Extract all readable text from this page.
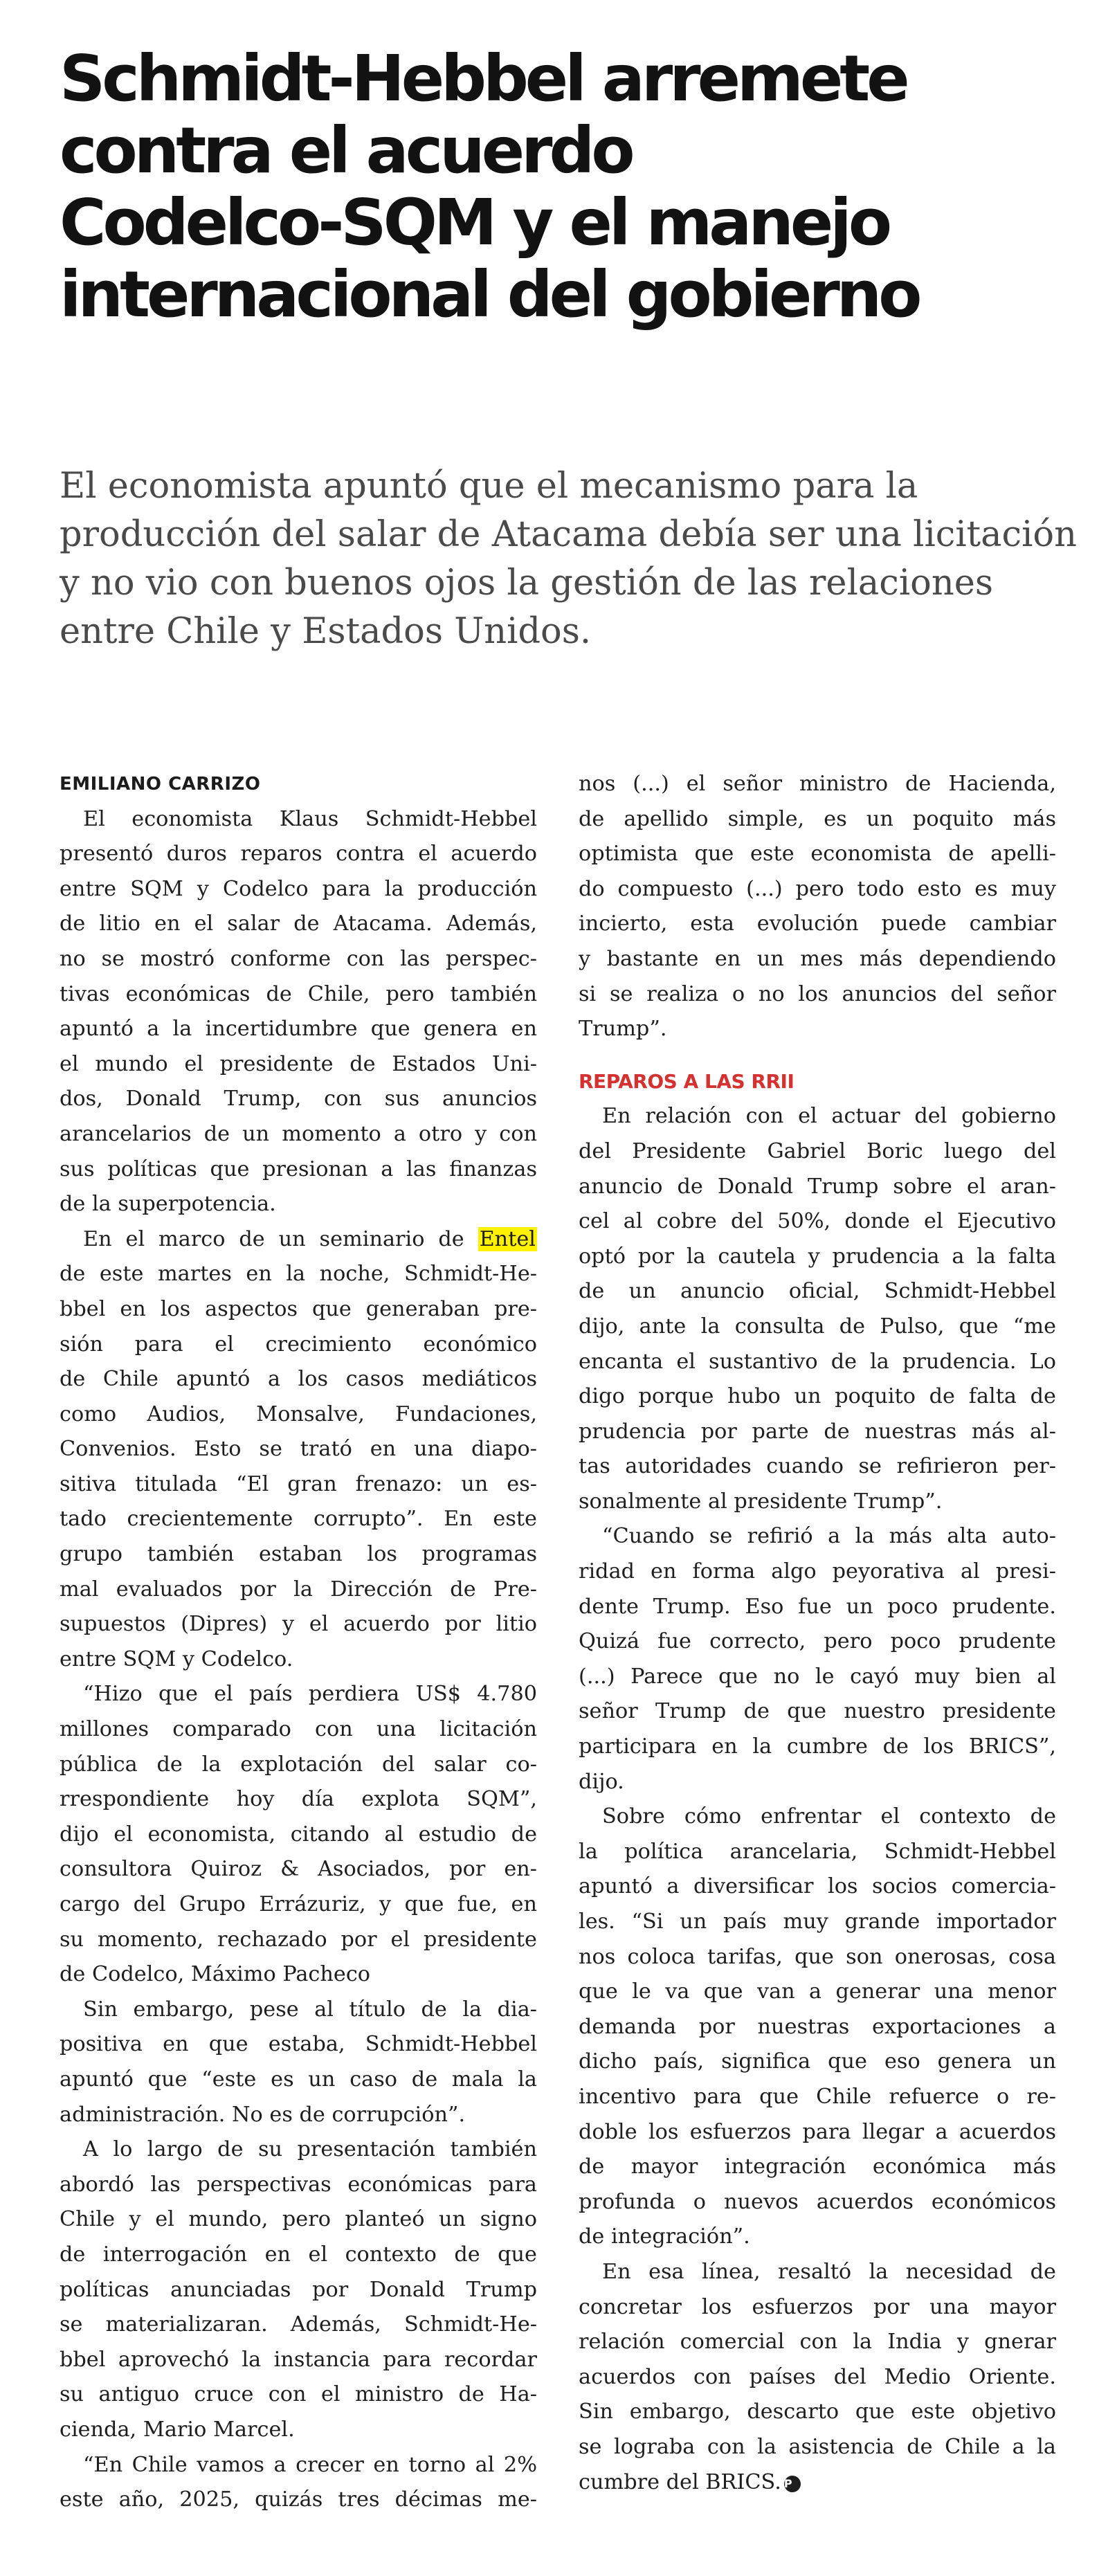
Schmidt-Hebbel arremete
contra el acuerdo
Codelco-SQM y el manejo
internacional del gobierno
El economista apuntó que el mecanismo para la
producción del salar de Atacama debía ser una licitación
y no vio con buenos ojos la gestión de las relaciones
entre Chile y Estados Unidos.
EMILIANO CARRIZO
El economista Klaus Schmidt-Hebbel
presentó duros reparos contra el acuerdo
entre SQM y Codelco para la producción
de litio en el salar de Atacama. Además,
no se mostró conforme con las perspec-
tivas económicas de Chile, pero también
apuntó a la incertidumbre que genera en
el mundo el presidente de Estados Uni-
dos, Donald Trump, con sus anuncios
arancelarios de un momento a otro y con
sus políticas que presionan a las finanzas
de la superpotencia.
En el marco de un seminario de Entel
de este martes en la noche, Schmidt-He-
bbel en los aspectos que generaban pre-
sión para el crecimiento económico
de Chile apuntó a los casos mediáticos
como Audios, Monsalve, Fundaciones,
Convenios. Esto se trató en una diapo-
sitiva titulada “El gran frenazo: un es-
tado crecientemente corrupto”. En este
grupo también estaban los programas
mal evaluados por la Dirección de Pre-
supuestos (Dipres) y el acuerdo por litio
entre SQM y Codelco.
“Hizo que el país perdiera US$ 4.780
millones comparado con una licitación
pública de la explotación del salar co-
rrespondiente hoy día explota SQM”,
dijo el economista, citando al estudio de
consultora Quiroz & Asociados, por en-
cargo del Grupo Errázuriz, y que fue, en
su momento, rechazado por el presidente
de Codelco, Máximo Pacheco
Sin embargo, pese al título de la dia-
positiva en que estaba, Schmidt-Hebbel
apuntó que “este es un caso de mala la
administración. No es de corrupción”.
A lo largo de su presentación también
abordó las perspectivas económicas para
Chile y el mundo, pero planteó un signo
de interrogación en el contexto de que
políticas anunciadas por Donald Trump
se materializaran. Además, Schmidt-He-
bbel aprovechó la instancia para recordar
su antiguo cruce con el ministro de Ha-
cienda, Mario Marcel.
“En Chile vamos a crecer en torno al 2%
este año, 2025, quizás tres décimas me-
nos (...) el señor ministro de Hacienda,
de apellido simple, es un poquito más
optimista que este economista de apelli-
do compuesto (...) pero todo esto es muy
incierto, esta evolución puede cambiar
y bastante en un mes más dependiendo
si se realiza o no los anuncios del señor
Trump”.
REPAROS A LAS RRII
En relación con el actuar del gobierno
del Presidente Gabriel Boric luego del
anuncio de Donald Trump sobre el aran-
cel al cobre del 50%, donde el Ejecutivo
optó por la cautela y prudencia a la falta
de un anuncio oficial, Schmidt-Hebbel
dijo, ante la consulta de Pulso, que “me
encanta el sustantivo de la prudencia. Lo
digo porque hubo un poquito de falta de
prudencia por parte de nuestras más al-
tas autoridades cuando se refirieron per-
sonalmente al presidente Trump”.
“Cuando se refirió a la más alta auto-
ridad en forma algo peyorativa al presi-
dente Trump. Eso fue un poco prudente.
Quizá fue correcto, pero poco prudente
(...) Parece que no le cayó muy bien al
señor Trump de que nuestro presidente
participara en la cumbre de los BRICS”,
dijo.
Sobre cómo enfrentar el contexto de
la política arancelaria, Schmidt-Hebbel
apuntó a diversificar los socios comercia-
les. “Si un país muy grande importador
nos coloca tarifas, que son onerosas, cosa
que le va que van a generar una menor
demanda por nuestras exportaciones a
dicho país, significa que eso genera un
incentivo para que Chile refuerce o re-
doble los esfuerzos para llegar a acuerdos
de mayor integración económica más
profunda o nuevos acuerdos económicos
de integración”.
En esa línea, resaltó la necesidad de
concretar los esfuerzos por una mayor
relación comercial con la India y gnerar
acuerdos con países del Medio Oriente.
Sin embargo, descarto que este objetivo
se lograba con la asistencia de Chile a la
cumbre del BRICS. P
